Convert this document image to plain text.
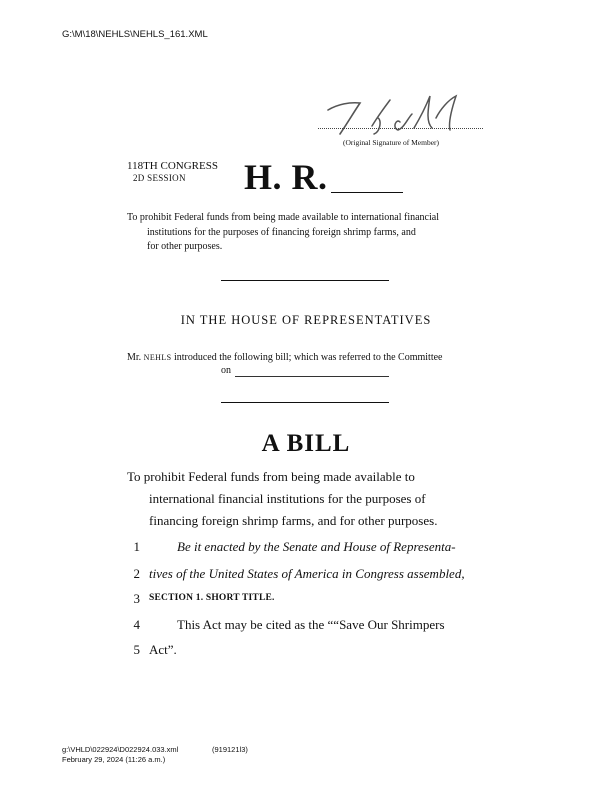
G:\M\18\NEHLS\NEHLS_161.XML
(Original Signature of Member)
118TH CONGRESS
2D SESSION H. R.
To prohibit Federal funds from being made available to international financial

institutions for the purposes of financing foreign shrimp farms, and
for other purposes.
IN THE HOUSE OF REPRESENTATIVES
Mr. NEHLS introduced the following bill; which was referred to the Committee
on
A BILL
To prohibit Federal funds from being made available to
international financial institutions for the purposes of
financing foreign shrimp farms, and for other purposes.
1	Be it enacted by the Senate and House of Representa-
2 tives of the United States of America in Congress assembled,
3 SECTION 1. SHORT TITLE.
4	This Act may be cited as the ““Save Our Shrimpers
5 Act”.
g:\VHLD\022924\D022924.033.xml	(919121l3)
February 29, 2024 (11:26 a.m.)
